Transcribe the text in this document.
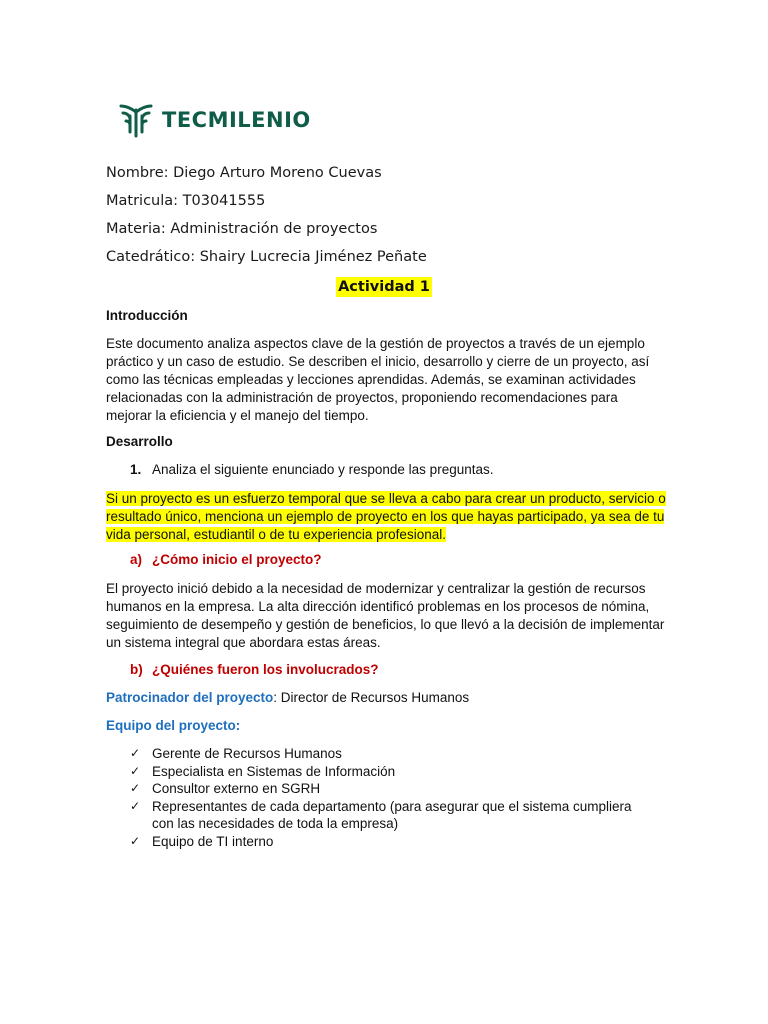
TECMILENIO
Nombre: Diego Arturo Moreno Cuevas
Matricula: T03041555
Materia: Administración de proyectos
Catedrático: Shairy Lucrecia Jiménez Peñate
Actividad 1
Introducción
Este documento analiza aspectos clave de la gestión de proyectos a través de un ejemplo práctico y un caso de estudio. Se describen el inicio, desarrollo y cierre de un proyecto, así como las técnicas empleadas y lecciones aprendidas. Además, se examinan actividades relacionadas con la administración de proyectos, proponiendo recomendaciones para mejorar la eficiencia y el manejo del tiempo.
Desarrollo
1. Analiza el siguiente enunciado y responde las preguntas.
Si un proyecto es un esfuerzo temporal que se lleva a cabo para crear un producto, servicio o resultado único, menciona un ejemplo de proyecto en los que hayas participado, ya sea de tu vida personal, estudiantil o de tu experiencia profesional.
a) ¿Cómo inicio el proyecto?
El proyecto inició debido a la necesidad de modernizar y centralizar la gestión de recursos humanos en la empresa. La alta dirección identificó problemas en los procesos de nómina, seguimiento de desempeño y gestión de beneficios, lo que llevó a la decisión de implementar un sistema integral que abordara estas áreas.
b) ¿Quiénes fueron los involucrados?
Patrocinador del proyecto: Director de Recursos Humanos
Equipo del proyecto:
✓ Gerente de Recursos Humanos
✓ Especialista en Sistemas de Información
✓ Consultor externo en SGRH
✓ Representantes de cada departamento (para asegurar que el sistema cumpliera con las necesidades de toda la empresa)
✓ Equipo de TI interno
